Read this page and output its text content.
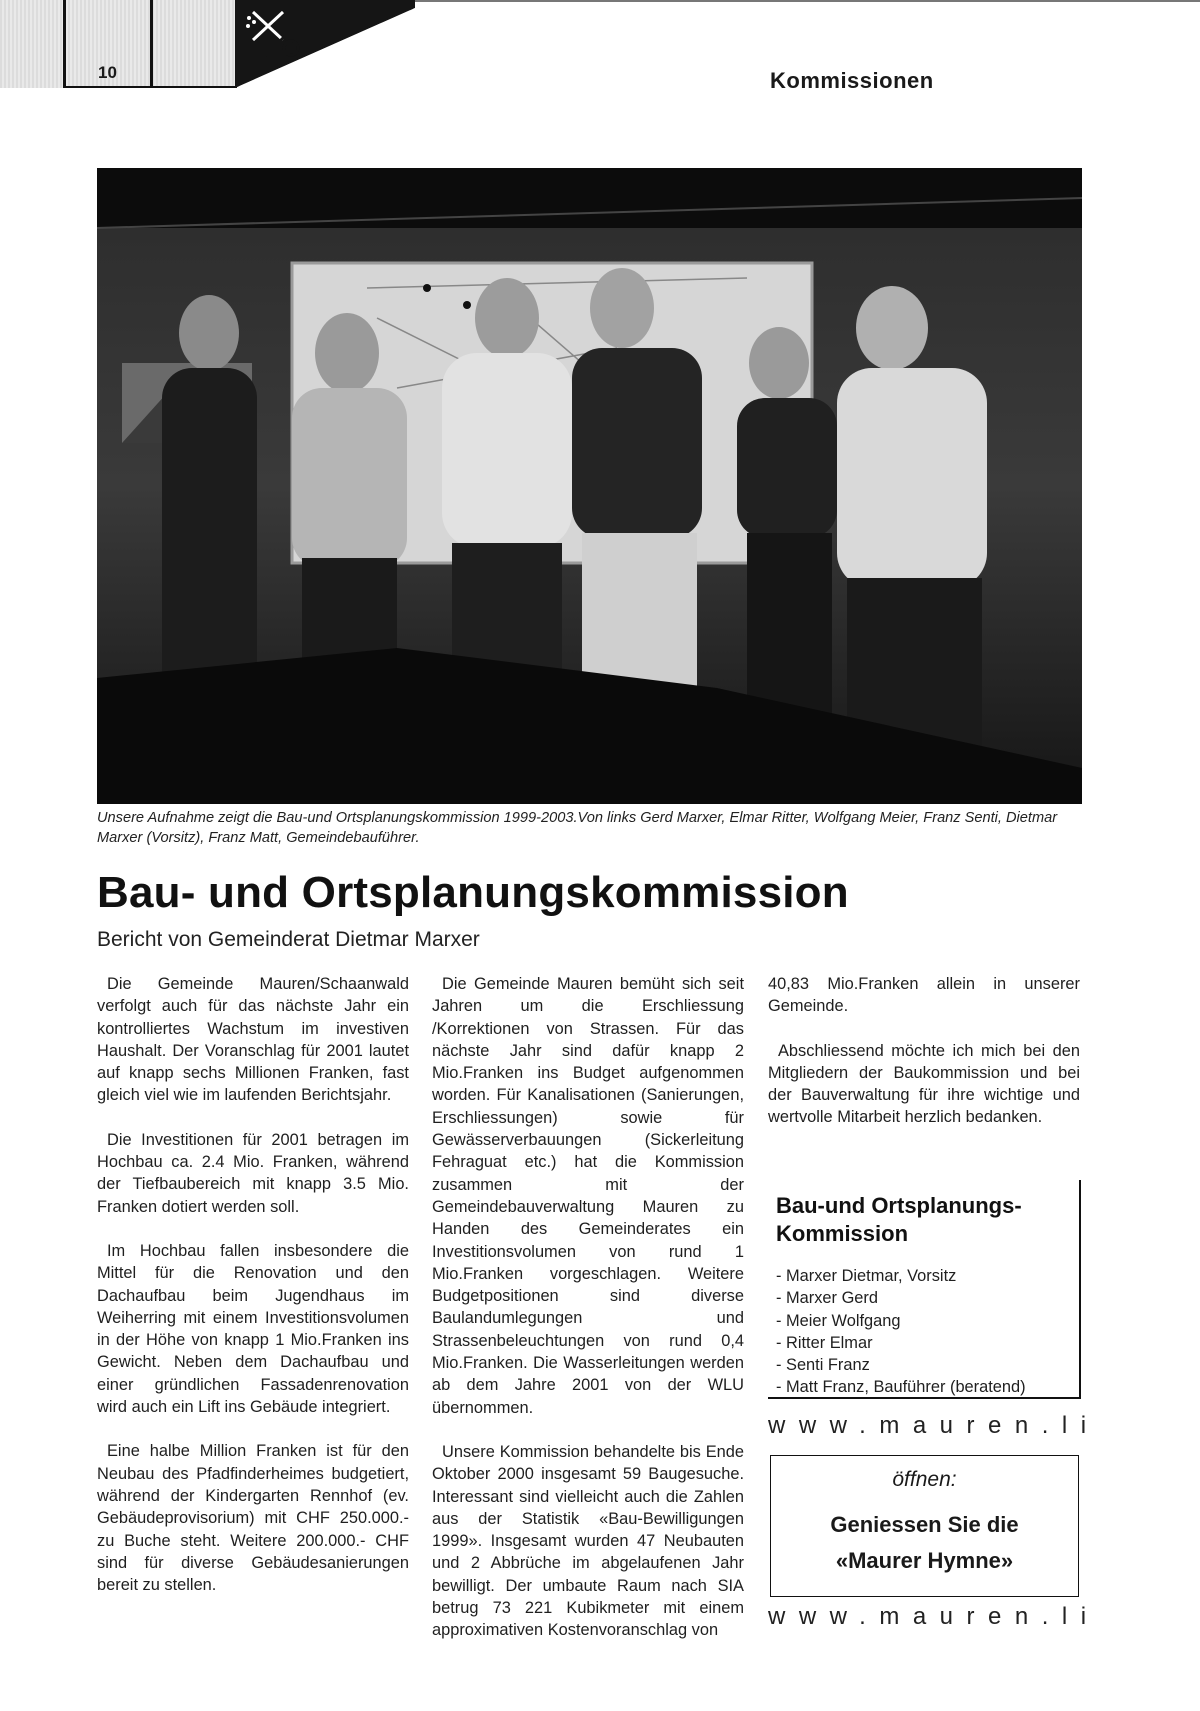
10	Kommissionen
Unsere Aufnahme zeigt die Bau-und Ortsplanungskommission 1999-2003.Von links Gerd Marxer, Elmar Ritter, Wolfgang Meier, Franz Senti, Dietmar Marxer (Vorsitz), Franz Matt, Gemeindebauführer.
Bau- und Ortsplanungskommission
Bericht von Gemeinderat Dietmar Marxer

Die Gemeinde Mauren/Schaanwald verfolgt auch für das nächste Jahr ein kontrolliertes Wachstum im investiven Haushalt. Der Voranschlag für 2001 lautet auf knapp sechs Millionen Franken, fast gleich viel wie im laufenden Berichtsjahr.

Die Investitionen für 2001 betragen im Hochbau ca. 2.4 Mio. Franken, während der Tiefbaubereich mit knapp 3.5 Mio. Franken dotiert werden soll.

Im Hochbau fallen insbesondere die Mittel für die Renovation und den Dachaufbau beim Jugendhaus im Weiherring mit einem Investitionsvolumen in der Höhe von knapp 1 Mio.Franken ins Gewicht. Neben dem Dachaufbau und einer gründlichen Fassadenrenovation wird auch ein Lift ins Gebäude integriert.

Eine halbe Million Franken ist für den Neubau des Pfadfinderheimes budgetiert, während der Kindergarten Rennhof (ev. Gebäudeprovisorium) mit CHF 250.000.-zu Buche steht. Weitere 200.000.- CHF sind für diverse Gebäudesanierungen bereit zu stellen.

Die Gemeinde Mauren bemüht sich seit Jahren um die Erschliessung /Korrektionen von Strassen. Für das nächste Jahr sind dafür knapp 2 Mio.Franken ins Budget aufgenommen worden. Für Kanalisationen (Sanierungen, Erschliessungen) sowie für Gewässerverbauungen (Sickerleitung Fehraguat etc.) hat die Kommission zusammen mit der Gemeindebauverwaltung Mauren zu Handen des Gemeinderates ein Investitionsvolumen von rund 1 Mio.Franken vorgeschlagen. Weitere Budgetpositionen sind diverse Baulandumlegungen und Strassenbeleuchtungen von rund 0,4 Mio.Franken. Die Wasserleitungen werden ab dem Jahre 2001 von der WLU übernommen.

Unsere Kommission behandelte bis Ende Oktober 2000 insgesamt 59 Baugesuche. Interessant sind vielleicht auch die Zahlen aus der Statistik «Bau-Bewilligungen 1999». Insgesamt wurden 47 Neubauten und 2 Abbrüche im abgelaufenen Jahr bewilligt. Der umbaute Raum nach SIA betrug 73 221 Kubikmeter mit einem approximativen Kostenvoranschlag von

40,83 Mio.Franken allein in unserer Gemeinde.

Abschliessend möchte ich mich bei den Mitgliedern der Baukommission und bei der Bauverwaltung für ihre wichtige und wertvolle Mitarbeit herzlich bedanken.

Bau-und Ortsplanungs-
Kommission
- Marxer Dietmar, Vorsitz
- Marxer Gerd
- Meier Wolfgang
- Ritter Elmar
- Senti Franz
- Matt Franz, Bauführer (beratend)
www.mauren.li
öffnen:
Geniessen Sie die
«Maurer Hymne»
www.mauren.li
